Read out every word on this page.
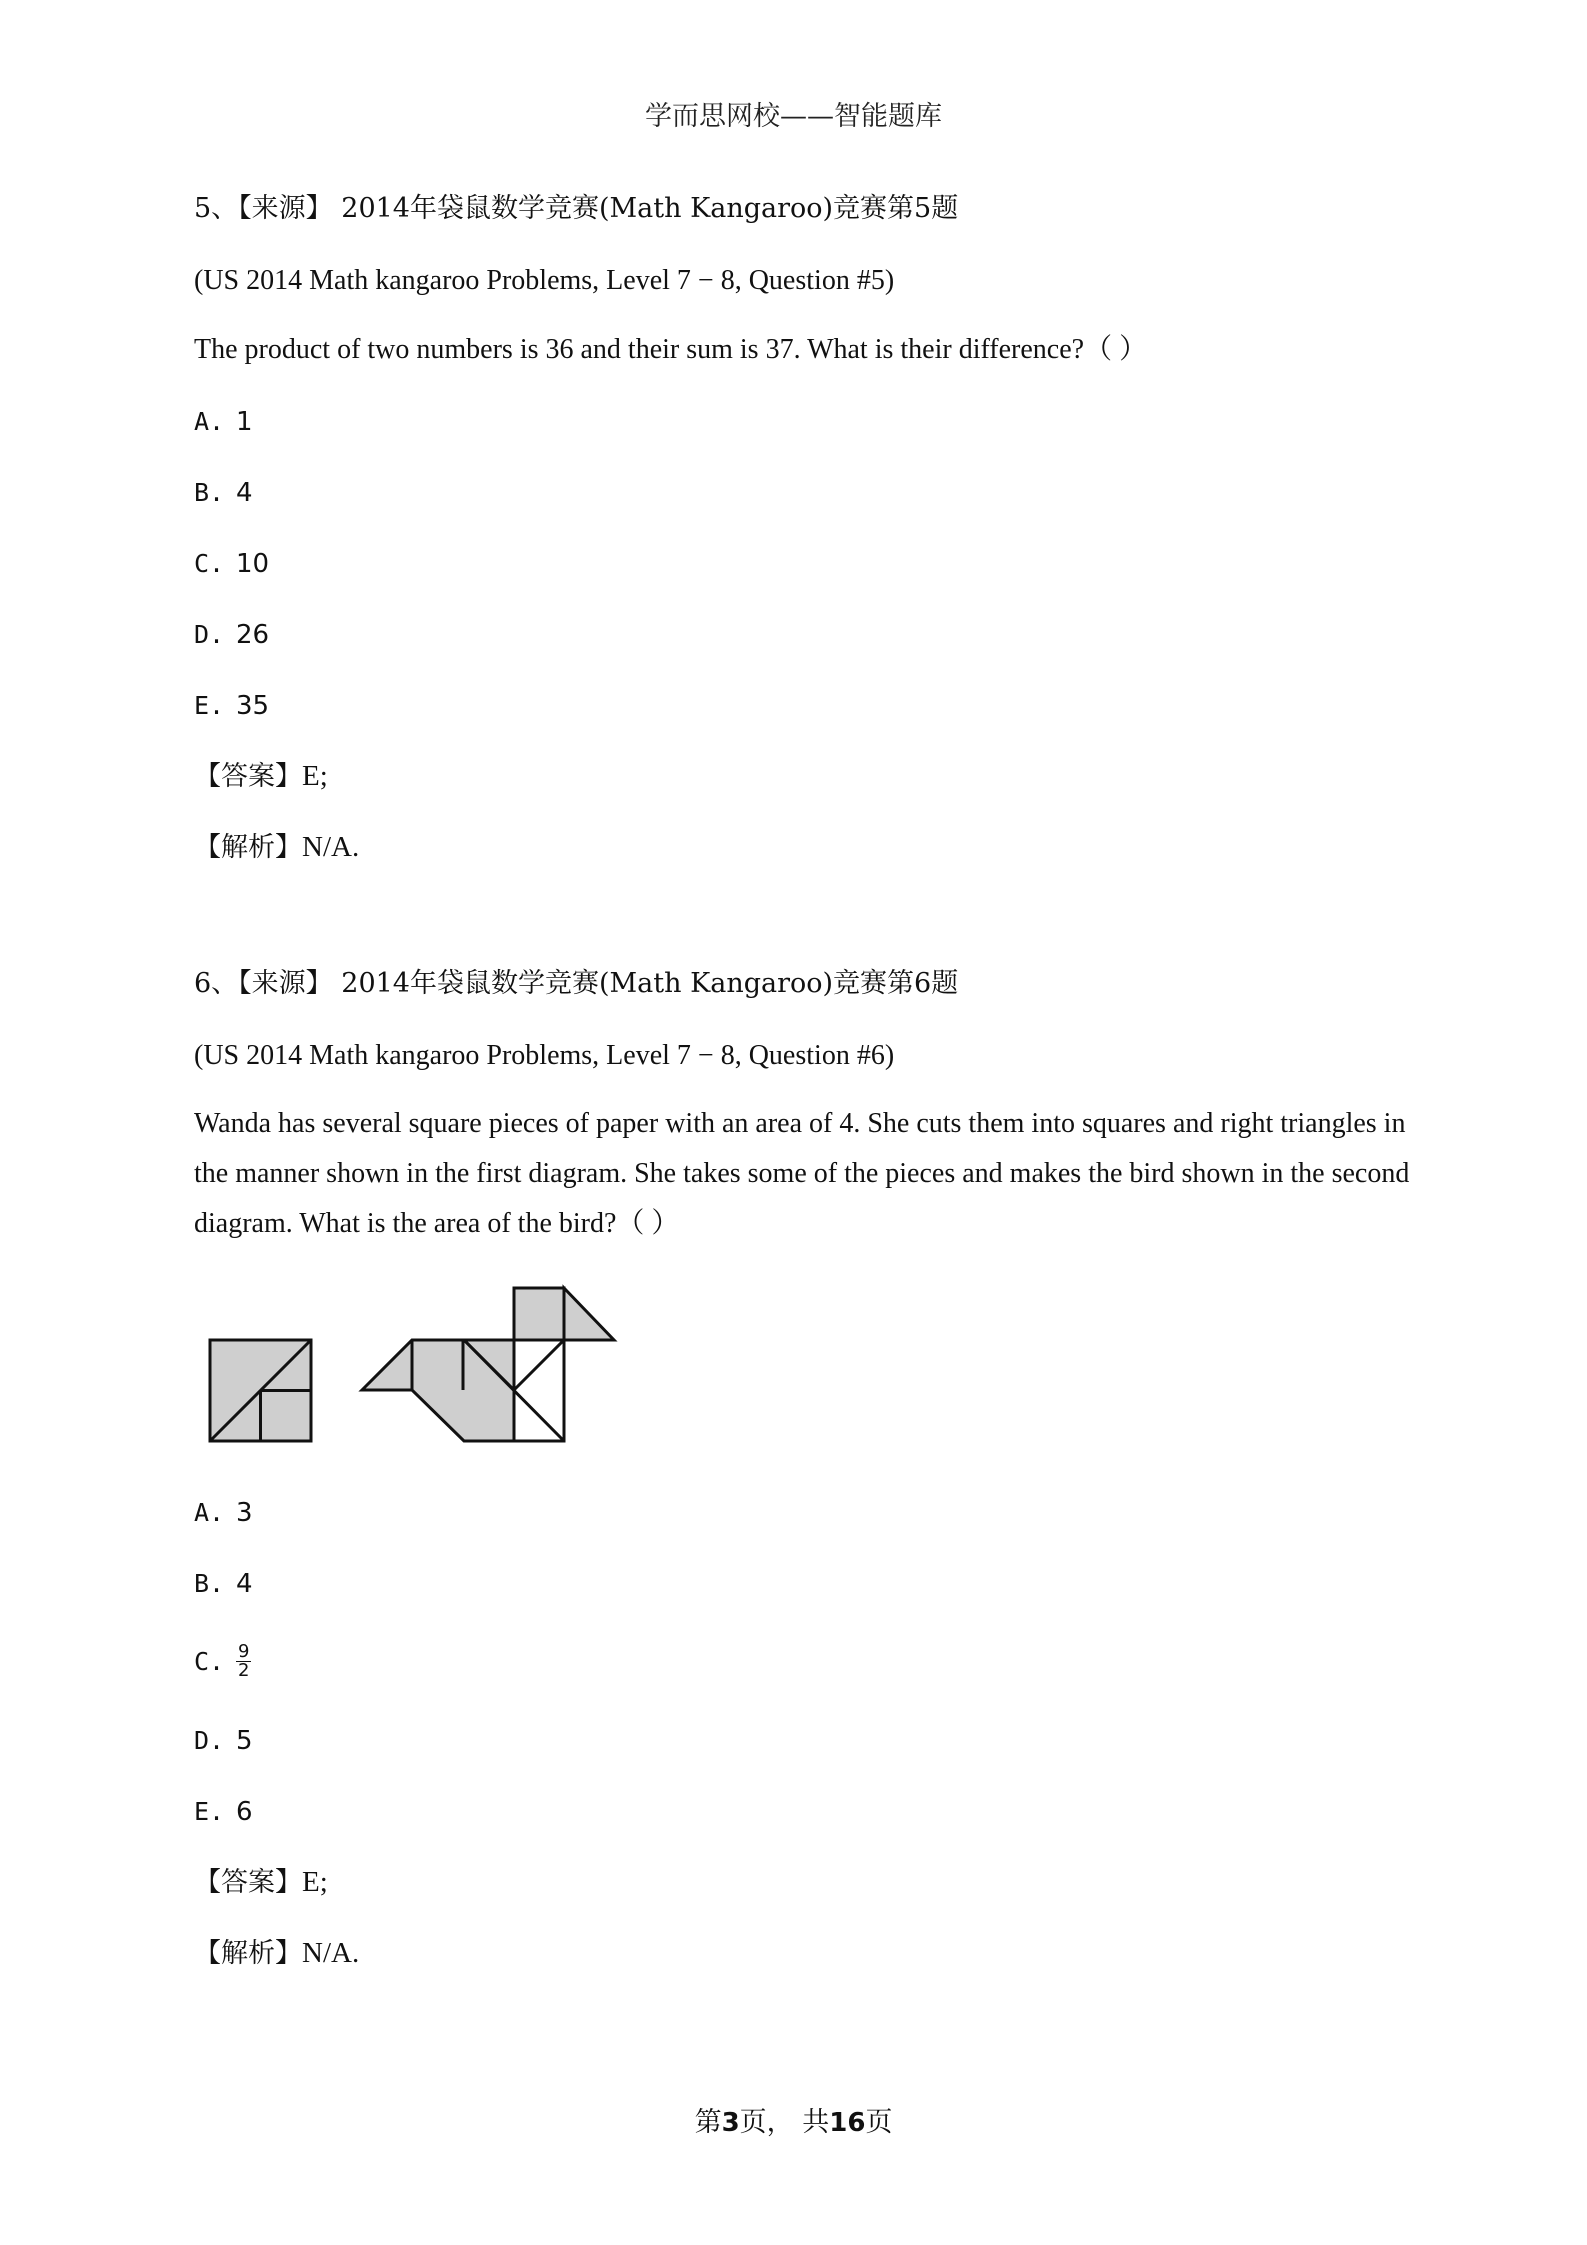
学而思网校——智能题库
5、【来源】 2014年袋鼠数学竞赛(Math Kangaroo)竞赛第5题
(US 2014 Math kangaroo Problems, Level 7 − 8, Question #5)
The product of two numbers is 36 and their sum is 37. What is their difference?（ ）
A. 1
B. 4
C. 10
D. 26
E. 35
【答案】E;
【解析】N/A.
6、【来源】 2014年袋鼠数学竞赛(Math Kangaroo)竞赛第6题
(US 2014 Math kangaroo Problems, Level 7 − 8, Question #6)
Wanda has several square pieces of paper with an area of 4. She cuts them into squares and right triangles in the manner shown in the first diagram. She takes some of the pieces and makes the bird shown in the second diagram. What is the area of the bird?（ ）
A. 3
B. 4
C. $\frac{9}{2}$
D. 5
E. 6
【答案】E;
【解析】N/A.
第3页， 共16页
